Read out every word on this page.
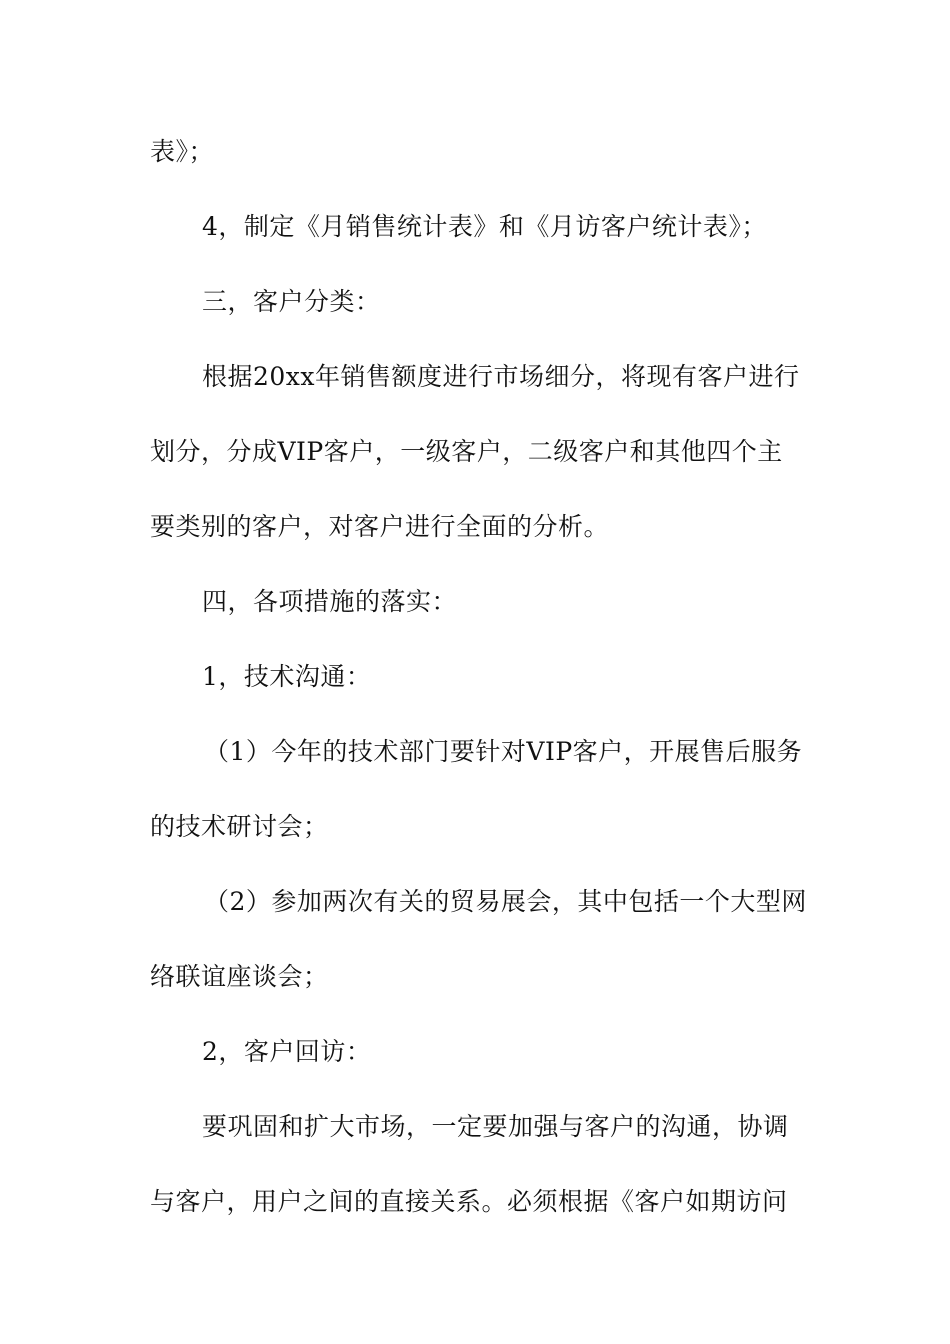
表》；
4，制定《月销售统计表》和《月访客户统计表》；
三，客户分类：
根据20xx年销售额度进行市场细分，将现有客户进行
划分，分成VIP客户，一级客户，二级客户和其他四个主
要类别的客户，对客户进行全面的分析。
四，各项措施的落实：
1，技术沟通：
（1）今年的技术部门要针对VIP客户，开展售后服务
的技术研讨会；
（2）参加两次有关的贸易展会，其中包括一个大型网
络联谊座谈会；
2，客户回访：
要巩固和扩大市场，一定要加强与客户的沟通，协调
与客户，用户之间的直接关系。必须根据《客户如期访问
